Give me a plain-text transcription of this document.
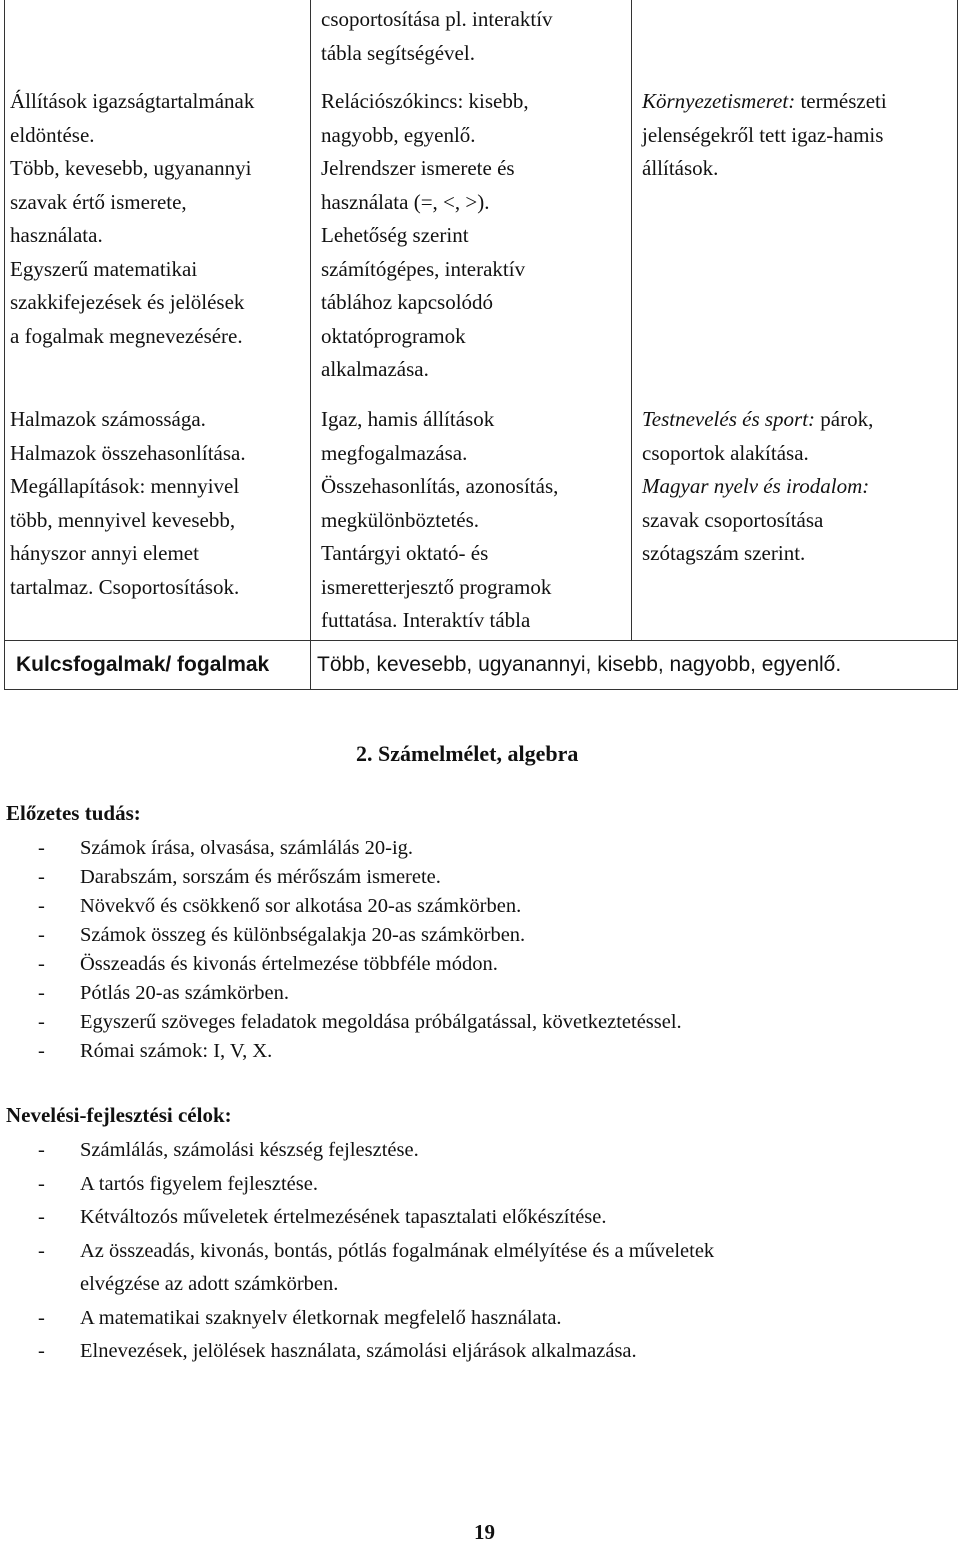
csoportosítása pl. interaktív
tábla segítségével.
Állítások igazságtartalmának
eldöntése.
Több, kevesebb, ugyanannyi
szavak értő ismerete,
használata.
Egyszerű matematikai
szakkifejezések és jelölések
a fogalmak megnevezésére.
Relációszókincs: kisebb,
nagyobb, egyenlő.
Jelrendszer ismerete és
használata (=, <, >).
Lehetőség szerint
számítógépes, interaktív
táblához kapcsolódó
oktatóprogramok
alkalmazása.
Környezetismeret: természeti
jelenségekről tett igaz-hamis
állítások.
Halmazok számossága.
Halmazok összehasonlítása.
Megállapítások: mennyivel
több, mennyivel kevesebb,
hányszor annyi elemet
tartalmaz. Csoportosítások.
Igaz, hamis állítások
megfogalmazása.
Összehasonlítás, azonosítás,
megkülönböztetés.
Tantárgyi oktató- és
ismeretterjesztő programok
futtatása. Interaktív tábla
Testnevelés és sport: párok,
csoportok alakítása.
Magyar nyelv és irodalom:
szavak csoportosítása
szótagszám szerint.
Kulcsfogalmak/ fogalmak Több, kevesebb, ugyanannyi, kisebb, nagyobb, egyenlő.
2. Számelmélet, algebra
Előzetes tudás:
- Számok írása, olvasása, számlálás 20-ig.
- Darabszám, sorszám és mérőszám ismerete.
- Növekvő és csökkenő sor alkotása 20-as számkörben.
- Számok összeg és különbségalakja 20-as számkörben.
- Összeadás és kivonás értelmezése többféle módon.
- Pótlás 20-as számkörben.
- Egyszerű szöveges feladatok megoldása próbálgatással, következtetéssel.
- Római számok: I, V, X.
Nevelési-fejlesztési célok:
- Számlálás, számolási készség fejlesztése.
- A tartós figyelem fejlesztése.
- Kétváltozós műveletek értelmezésének tapasztalati előkészítése.
- Az összeadás, kivonás, bontás, pótlás fogalmának elmélyítése és a műveletek
elvégzése az adott számkörben.
- A matematikai szaknyelv életkornak megfelelő használata.
- Elnevezések, jelölések használata, számolási eljárások alkalmazása.
19
